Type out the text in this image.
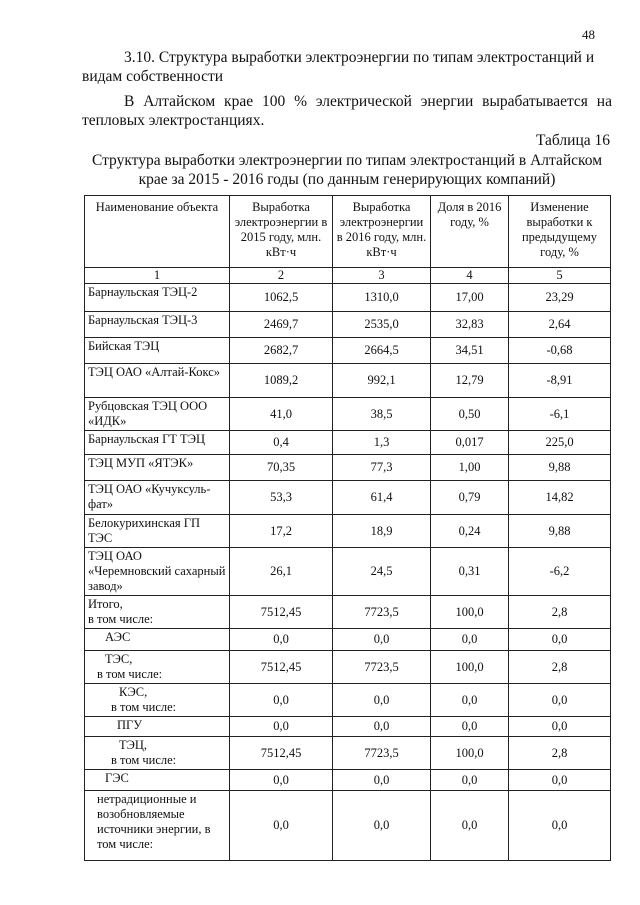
48
3.10. Структура выработки электроэнергии по типам электростанций и
видам собственности
В Алтайском крае 100 % электрической энергии вырабатывается на
тепловых электростанциях.
Таблица 16
Структура выработки электроэнергии по типам электростанций в Алтайском
крае за 2015 - 2016 годы (по данным генерирующих компаний)
Наименование объекта	Выработка электроэнергии в 2015 году, млн. кВт·ч	Выработка электроэнергии в 2016 году, млн. кВт·ч	Доля в 2016 году, %	Изменение выработки к предыдущему году, %
1	2	3	4	5
Барнаульская ТЭЦ-2	1062,5	1310,0	17,00	23,29
Барнаульская ТЭЦ-3	2469,7	2535,0	32,83	2,64
Бийская ТЭЦ	2682,7	2664,5	34,51	-0,68
ТЭЦ ОАО «Алтай-Кокс»	1089,2	992,1	12,79	-8,91
Рубцовская ТЭЦ ООО «ИДК»	41,0	38,5	0,50	-6,1
Барнаульская ГТ ТЭЦ	0,4	1,3	0,017	225,0
ТЭЦ МУП «ЯТЭК»	70,35	77,3	1,00	9,88
ТЭЦ ОАО «Кучуксуль-фат»	53,3	61,4	0,79	14,82
Белокурихинская ГП ТЭС	17,2	18,9	0,24	9,88
ТЭЦ ОАО «Черемновский сахарный завод»	26,1	24,5	0,31	-6,2

Итого,
в том числе:	7512,45	7723,5	100,0	2,8

АЭС	0,0	0,0	0,0	0,0

ТЭС,
в том числе:	7512,45	7723,5	100,0	2,8

КЭС,
в том числе:	0,0	0,0	0,0	0,0
ПГУ	0,0	0,0	0,0	0,0

ТЭЦ,
в том числе:	7512,45	7723,5	100,0	2,8

ГЭС	0,0	0,0	0,0	0,0
нетрадиционные и возобновляемые источники энергии, в том числе:	0,0	0,0	0,0	0,0
